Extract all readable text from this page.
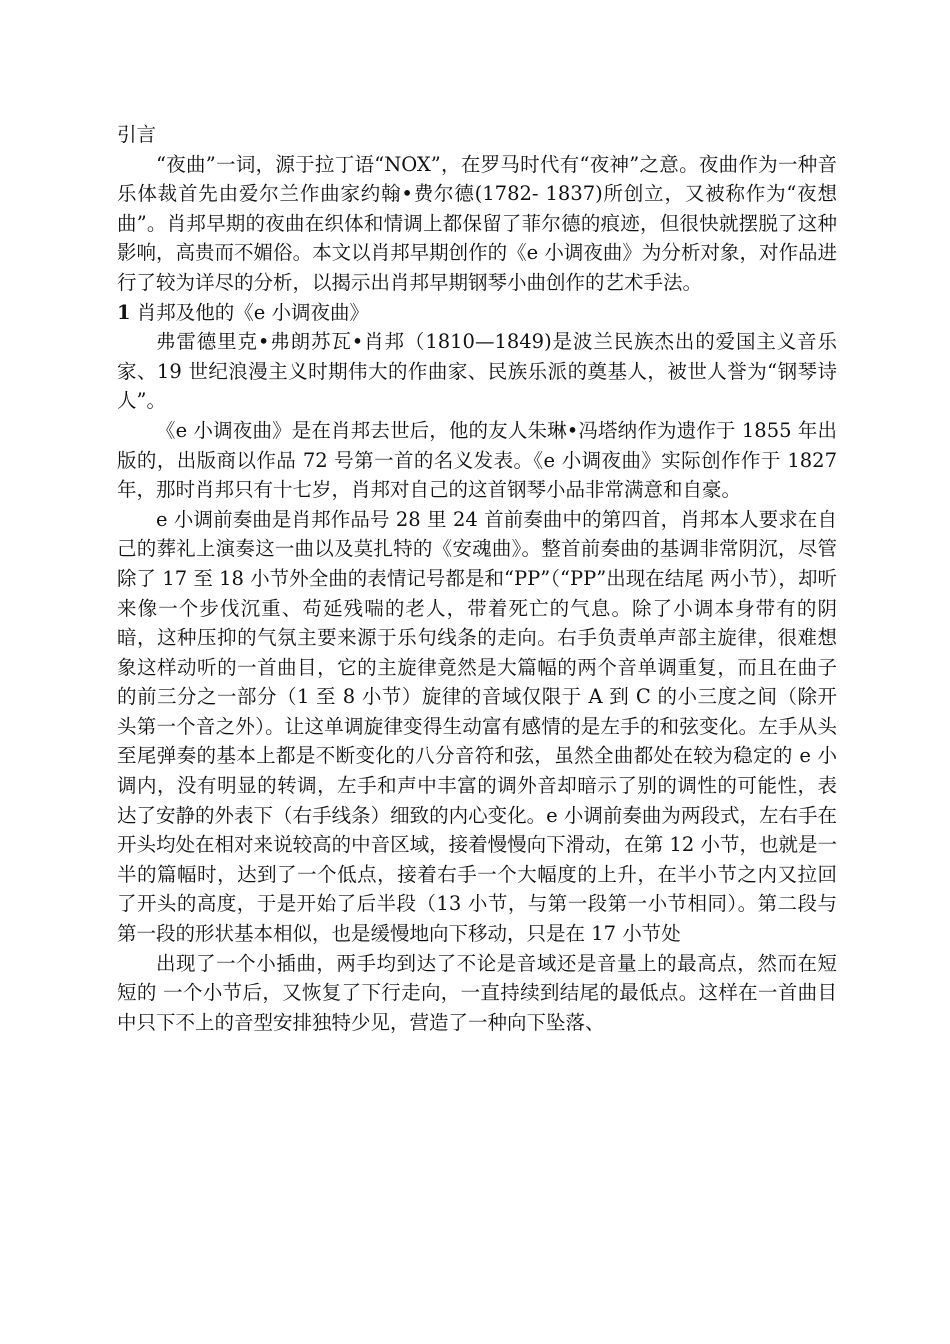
引言

“夜曲”一词，源于拉丁语“NOX”，在罗马时代有“夜神”之意。夜曲作为一种音乐体裁首先由爱尔兰作曲家约翰•费尔德(1782- 1837)所创立，又被称作为“夜想曲”。肖邦早期的夜曲在织体和情调上都保留了菲尔德的痕迹，但很快就摆脱了这种影响，高贵而不媚俗。本文以肖邦早期创作的《e 小调夜曲》为分析对象，对作品进行了较为详尽的分析，以揭示出肖邦早期钢琴小曲创作的艺术手法。

1 肖邦及他的《e 小调夜曲》

弗雷德里克•弗朗苏瓦•肖邦（1810—1849)是波兰民族杰出的爱国主义音乐家、19 世纪浪漫主义时期伟大的作曲家、民族乐派的奠基人，被世人誉为“钢琴诗人”。

《e 小调夜曲》是在肖邦去世后，他的友人朱琳•冯塔纳作为遗作于 1855 年出版的，出版商以作品 72 号第一首的名义发表。《e 小调夜曲》实际创作作于 1827 年，那时肖邦只有十七岁，肖邦对自己的这首钢琴小品非常满意和自豪。

e 小调前奏曲是肖邦作品号 28 里 24 首前奏曲中的第四首，肖邦本人要求在自己的葬礼上演奏这一曲以及莫扎特的《安魂曲》。整首前奏曲的基调非常阴沉，尽管除了 17 至 18 小节外全曲的表情记号都是和“PP”（“PP”出现在结尾 两小节），却听来像一个步伐沉重、苟延残喘的老人，带着死亡的气息。除了小调本身带有的阴暗，这种压抑的气氛主要来源于乐句线条的走向。右手负责单声部主旋律，很难想象这样动听的一首曲目，它的主旋律竟然是大篇幅的两个音单调重复，而且在曲子的前三分之一部分（1 至 8 小节）旋律的音域仅限于 A 到 C 的小三度之间（除开头第一个音之外）。让这单调旋律变得生动富有感情的是左手的和弦变化。左手从头至尾弹奏的基本上都是不断变化的八分音符和弦，虽然全曲都处在较为稳定的 e 小调内，没有明显的转调，左手和声中丰富的调外音却暗示了别的调性的可能性，表达了安静的外表下（右手线条）细致的内心变化。e 小调前奏曲为两段式，左右手在开头均处在相对来说较高的中音区域，接着慢慢向下滑动，在第 12 小节，也就是一半的篇幅时，达到了一个低点，接着右手一个大幅度的上升，在半小节之内又拉回了开头的高度，于是开始了后半段（13 小节，与第一段第一小节相同）。第二段与第一段的形状基本相似，也是缓慢地向下移动，只是在 17 小节处

出现了一个小插曲，两手均到达了不论是音域还是音量上的最高点，然而在短短的 一个小节后，又恢复了下行走向，一直持续到结尾的最低点。这样在一首曲目中只下不上的音型安排独特少见，营造了一种向下坠落、
